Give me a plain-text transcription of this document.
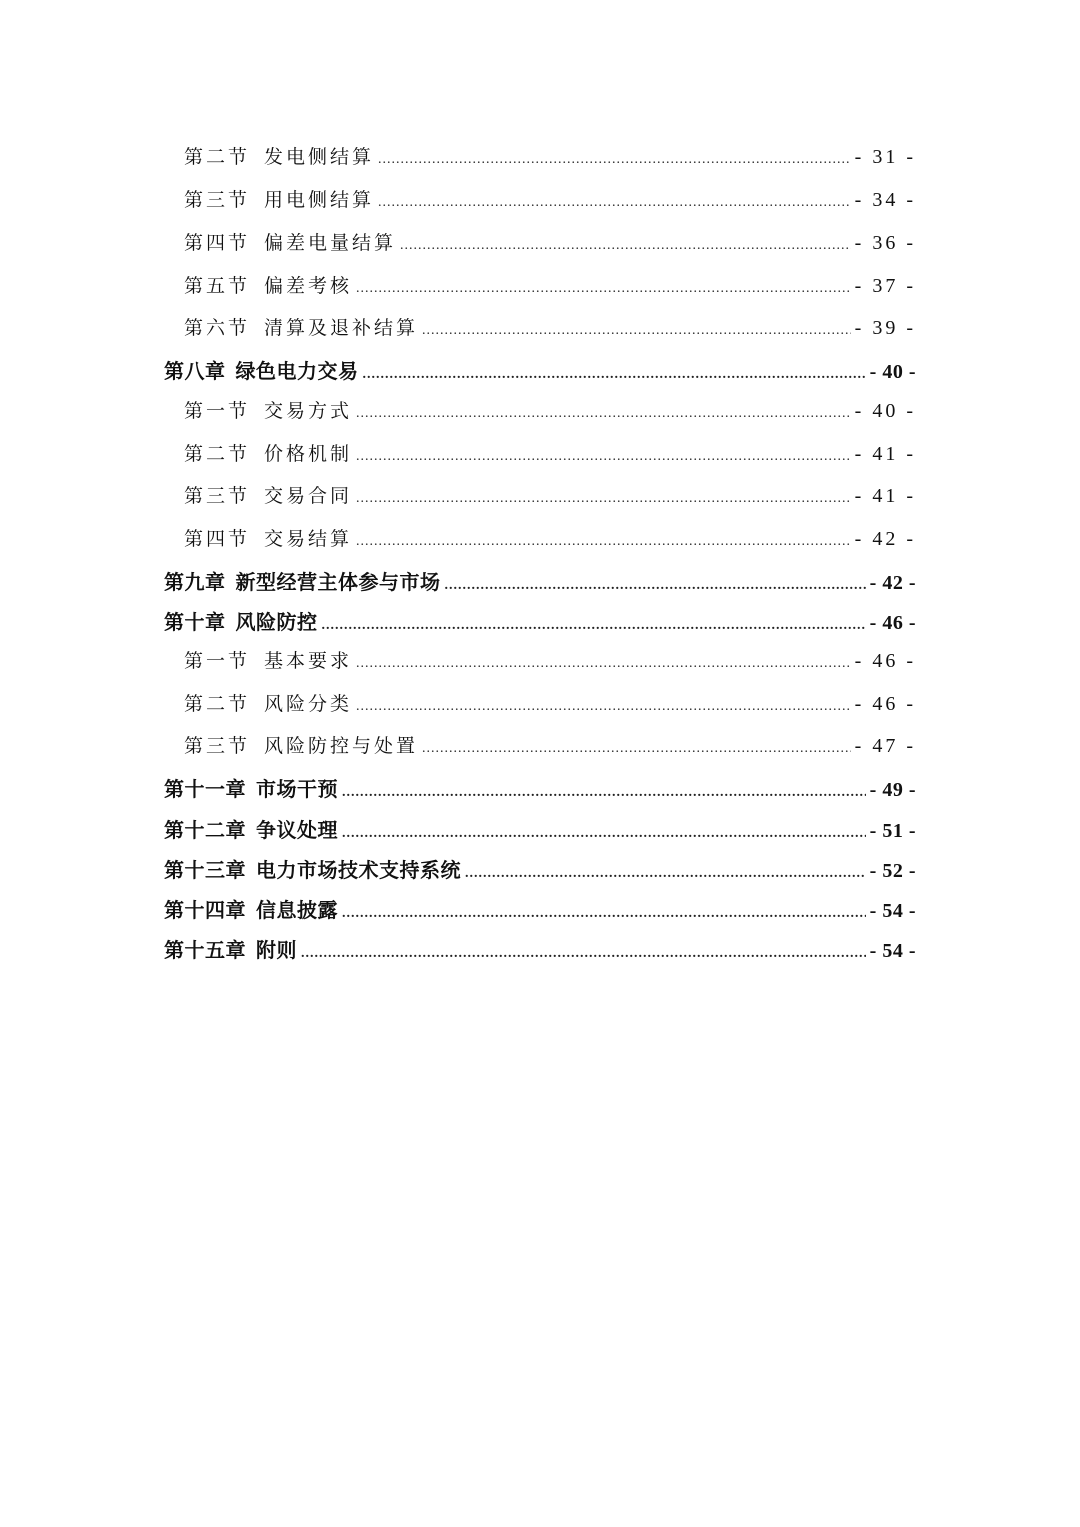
第二节 发电侧结算 .....	- 31 -
第三节 用电侧结算 .....	- 34 -
第四节 偏差电量结算 .....	- 36 -
第五节 偏差考核 .....	- 37 -
第六节 清算及退补结算 .....	- 39 -
第八章 绿色电力交易 .....	- 40 -
第一节 交易方式 .....	- 40 -
第二节 价格机制 .....	- 41 -
第三节 交易合同 .....	- 41 -
第四节 交易结算 .....	- 42 -
第九章 新型经营主体参与市场 .....	- 42 -
第十章 风险防控 .....	- 46 -
第一节 基本要求 .....	- 46 -
第二节 风险分类 .....	- 46 -
第三节 风险防控与处置 .....	- 47 -
第十一章 市场干预 .....	- 49 -
第十二章 争议处理 .....	- 51 -
第十三章 电力市场技术支持系统 .....	- 52 -
第十四章 信息披露 .....	- 54 -
第十五章 附则 .....	- 54 -
